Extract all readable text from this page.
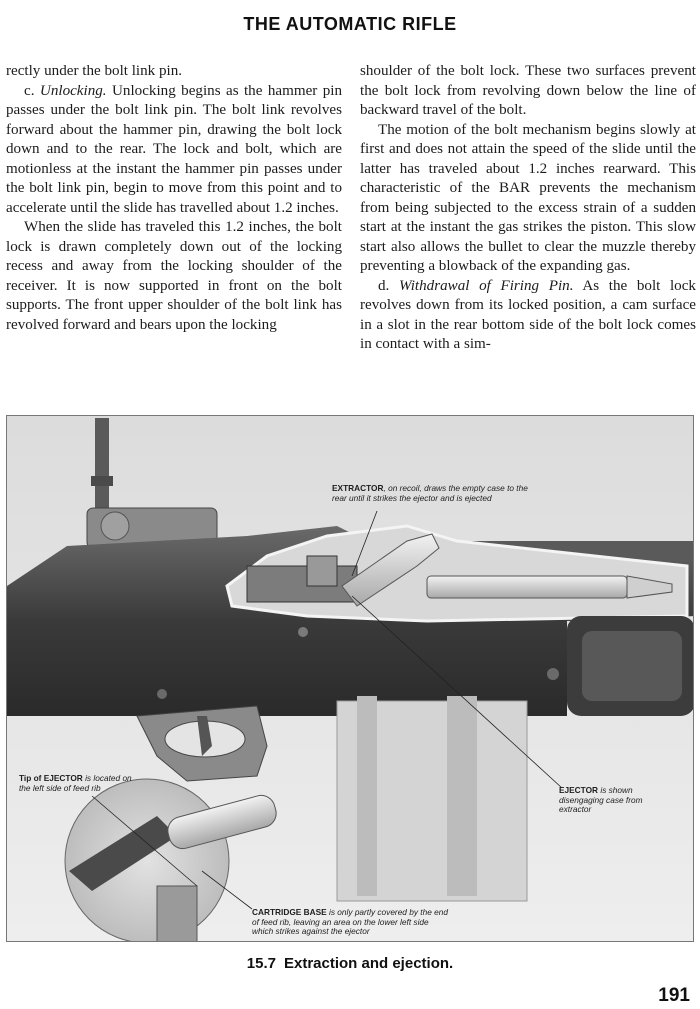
THE AUTOMATIC RIFLE

rectly under the bolt link pin.

c. Unlocking. Unlocking begins as the hammer pin passes under the bolt link pin. The bolt link revolves forward about the hammer pin, drawing the bolt lock down and to the rear. The lock and bolt, which are motionless at the instant the hammer pin passes under the bolt link pin, begin to move from this point and to accelerate until the slide has travelled about 1.2 inches.

When the slide has traveled this 1.2 inches, the bolt lock is drawn completely down out of the locking recess and away from the locking shoulder of the receiver. It is now supported in front on the bolt supports. The front upper shoulder of the bolt link has revolved forward and bears upon the locking

shoulder of the bolt lock. These two surfaces prevent the bolt lock from revolving down below the line of backward travel of the bolt.

The motion of the bolt mechanism begins slowly at first and does not attain the speed of the slide until the latter has traveled about 1.2 inches rearward. This characteristic of the BAR prevents the mechanism from being subjected to the excess strain of a sudden start at the instant the gas strikes the piston. This slow start also allows the bullet to clear the muzzle thereby preventing a blowback of the expanding gas.

d. Withdrawal of Firing Pin. As the bolt lock revolves down from its locked position, a cam surface in a slot in the rear bottom side of the bolt lock comes in contact with a sim-

EXTRACTOR, on recoil, draws the empty case to the rear until it strikes the ejector and is ejected
Tip of EJECTOR is located on the left side of feed rib	EJECTOR is shown disengaging case from extractor
CARTRIDGE BASE is only partly covered by the end of feed rib, leaving an area on the lower left side which strikes against the ejector
15.7 Extraction and ejection.
191
